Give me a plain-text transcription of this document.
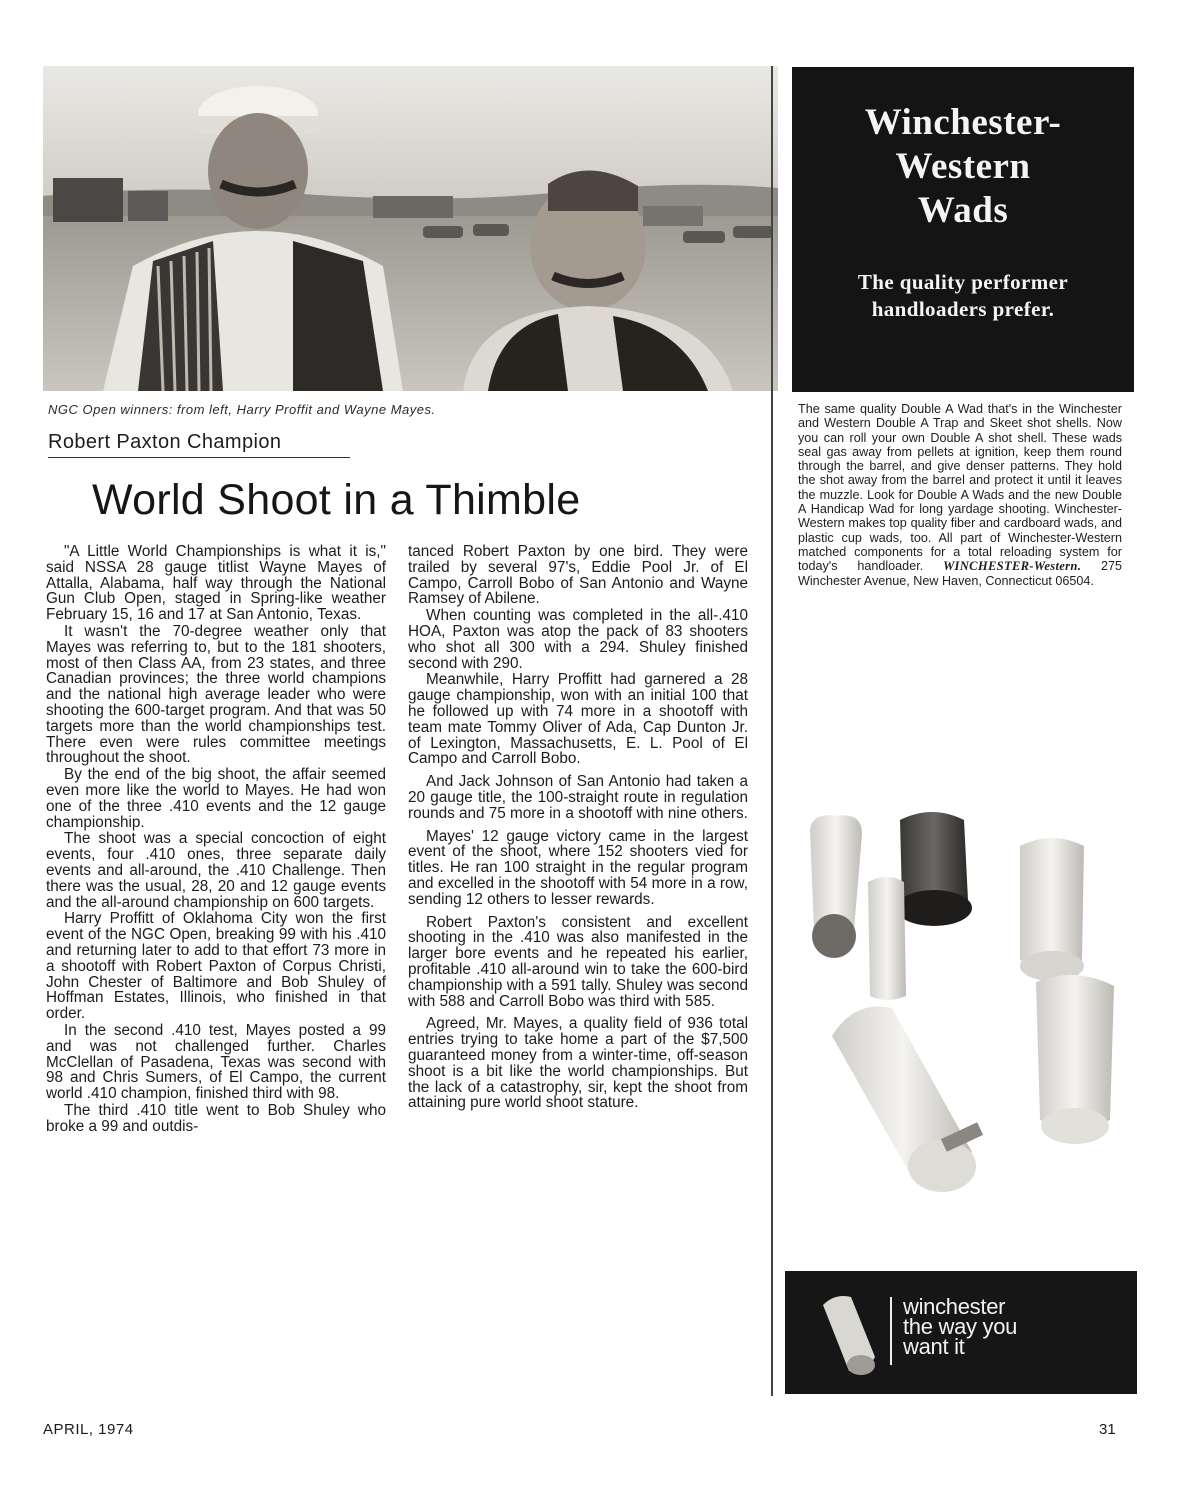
NGC Open winners: from left, Harry Proffit and Wayne Mayes.
Robert Paxton Champion
World Shoot in a Thimble

"A Little World Championships is what it is," said NSSA 28 gauge titlist Wayne Mayes of Attalla, Alabama, half way through the National Gun Club Open, staged in Spring-like weather February 15, 16 and 17 at San Antonio, Texas.

It wasn't the 70-degree weather only that Mayes was referring to, but to the 181 shooters, most of then Class AA, from 23 states, and three Canadian provinces; the three world champions and the national high average leader who were shooting the 600-target program. And that was 50 targets more than the world championships test. There even were rules committee meetings throughout the shoot.

By the end of the big shoot, the affair seemed even more like the world to Mayes. He had won one of the three .410 events and the 12 gauge championship.

The shoot was a special concoction of eight events, four .410 ones, three separate daily events and all-around, the .410 Challenge. Then there was the usual, 28, 20 and 12 gauge events and the all-around championship on 600 targets.

Harry Proffitt of Oklahoma City won the first event of the NGC Open, breaking 99 with his .410 and returning later to add to that effort 73 more in a shootoff with Robert Paxton of Corpus Christi, John Chester of Baltimore and Bob Shuley of Hoffman Estates, Illinois, who finished in that order.

In the second .410 test, Mayes posted a 99 and was not challenged further. Charles McClellan of Pasadena, Texas was second with 98 and Chris Sumers, of El Campo, the current world .410 champion, finished third with 98.

The third .410 title went to Bob Shuley who broke a 99 and outdis-

tanced Robert Paxton by one bird. They were trailed by several 97's, Eddie Pool Jr. of El Campo, Carroll Bobo of San Antonio and Wayne Ramsey of Abilene.

When counting was completed in the all-.410 HOA, Paxton was atop the pack of 83 shooters who shot all 300 with a 294. Shuley finished second with 290.

Meanwhile, Harry Proffitt had garnered a 28 gauge championship, won with an initial 100 that he followed up with 74 more in a shootoff with team mate Tommy Oliver of Ada, Cap Dunton Jr. of Lexington, Massachusetts, E. L. Pool of El Campo and Carroll Bobo.

And Jack Johnson of San Antonio had taken a 20 gauge title, the 100-straight route in regulation rounds and 75 more in a shootoff with nine others.

Mayes' 12 gauge victory came in the largest event of the shoot, where 152 shooters vied for titles. He ran 100 straight in the regular program and excelled in the shootoff with 54 more in a row, sending 12 others to lesser rewards.

Robert Paxton's consistent and excellent shooting in the .410 was also manifested in the larger bore events and he repeated his earlier, profitable .410 all-around win to take the 600-bird championship with a 591 tally. Shuley was second with 588 and Carroll Bobo was third with 585.

Agreed, Mr. Mayes, a quality field of 936 total entries trying to take home a part of the $7,500 guaranteed money from a winter-time, off-season shoot is a bit like the world championships. But the lack of a catastrophy, sir, kept the shoot from attaining pure world shoot stature.

Winchester-
Western
Wads
The quality performer
handloaders prefer.
The same quality Double A Wad that's in the Winchester and Western Double A Trap and Skeet shot shells. Now you can roll your own Double A shot shell. These wads seal gas away from pellets at ignition, keep them round through the barrel, and give denser patterns. They hold the shot away from the barrel and protect it until it leaves the muzzle. Look for Double A Wads and the new Double A Handicap Wad for long yardage shooting. Winchester-Western makes top quality fiber and cardboard wads, and plastic cup wads, too. All part of Winchester-Western matched components for a total reloading system for today's handloader. WINCHESTER-Western. 275 Winchester Avenue, New Haven, Connecticut 06504.
winchester
the way you
want it
APRIL, 1974	31
